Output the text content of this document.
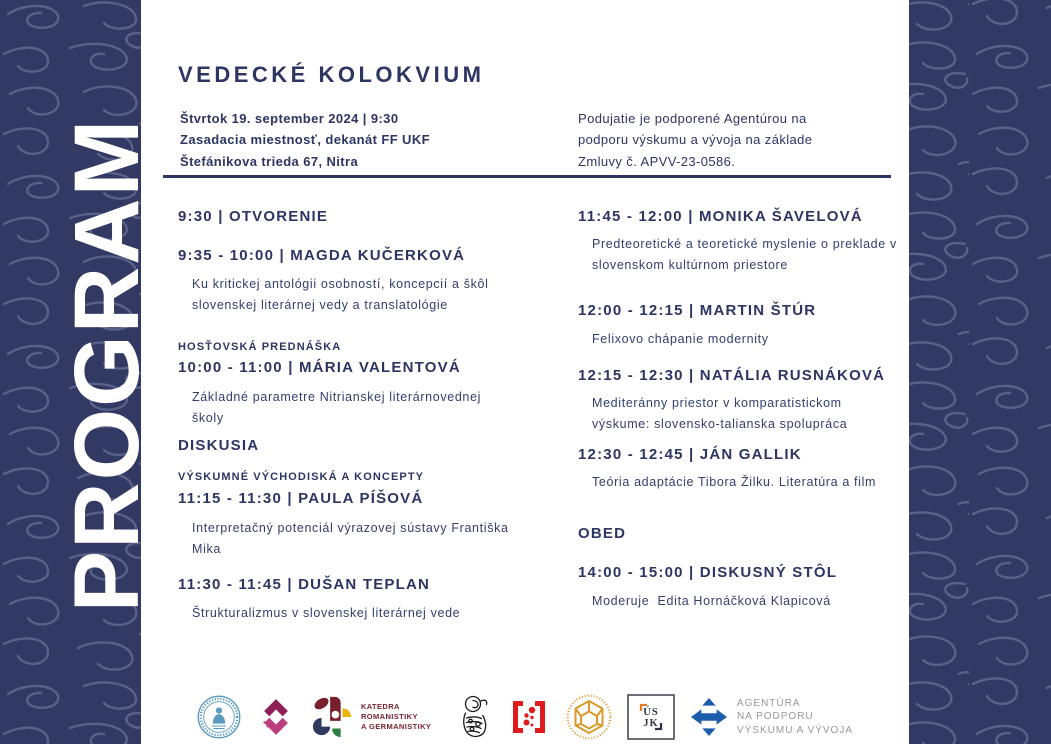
PROGRAM
VEDECKÉ KOLOKVIUM
Štvrtok 19. september 2024 | 9:30
Zasadacia miestnosť, dekanát FF UKF
Štefánikova trieda 67, Nitra
Podujatie je podporené Agentúrou na
podporu výskumu a vývoja na základe
Zmluvy č. APVV-23-0586.
9:30 | OTVORENIE
9:35 - 10:00 | MAGDA KUČERKOVÁ
Ku kritickej antológii osobností, koncepcií a škôl slovenskej literárnej vedy a translatológie
HOSŤOVSKÁ PREDNÁŠKA
10:00 - 11:00 | MÁRIA VALENTOVÁ
Základné parametre Nitrianskej literárnovednej školy
DISKUSIA
VÝSKUMNÉ VÝCHODISKÁ A KONCEPTY
11:15 - 11:30 | PAULA PÍŠOVÁ
Interpretačný potenciál výrazovej sústavy Františka Mika
11:30 - 11:45 | DUŠAN TEPLAN
Štrukturalizmus v slovenskej literárnej vede
11:45 - 12:00 | MONIKA ŠAVELOVÁ
Predteoretické a teoretické myslenie o preklade v slovenskom kultúrnom priestore
12:00 - 12:15 | MARTIN ŠTÚR
Felixovo chápanie modernity
12:15 - 12:30 | NATÁLIA RUSNÁKOVÁ
Mediteránny priestor v komparatistickom výskume: slovensko-talianska spolupráca
12:30 - 12:45 | JÁN GALLIK
Teória adaptácie Tibora Žilku. Literatúra a film
OBED
14:00 - 15:00 | DISKUSNÝ STÔL
Moderuje  Edita Hornáčková Klapicová
KATEDRA
ROMANISTIKY
A GERMANISTIKY
ÚS
JK
AGENTÚRA
NA PODPORU
VÝSKUMU A VÝVOJA
